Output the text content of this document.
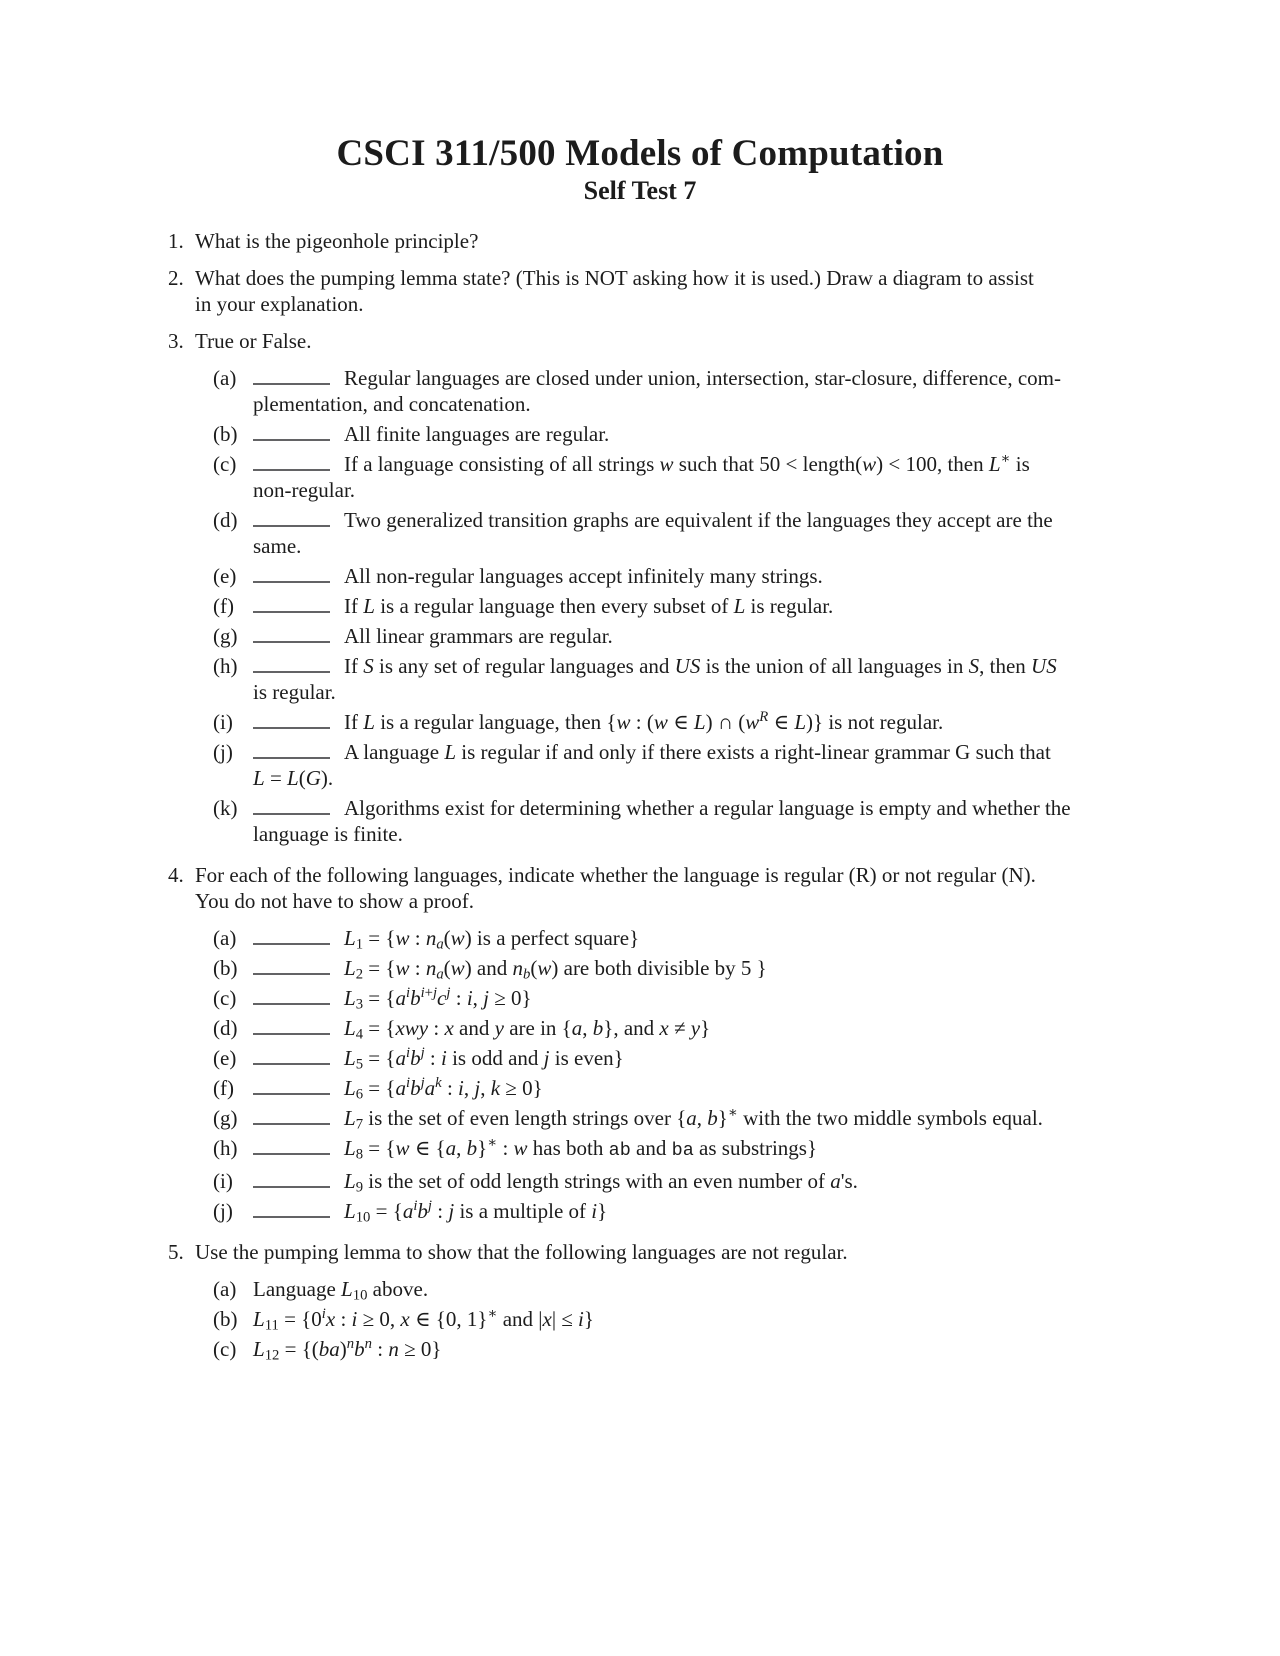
CSCI 311/500 Models of Computation
Self Test 7
1. What is the pigeonhole principle?
2. What does the pumping lemma state? (This is NOT asking how it is used.) Draw a diagram to assist
in your explanation.
3. True or False.
(a)	Regular languages are closed under union, intersection, star-closure, difference, com-
plementation, and concatenation.
(b)	All finite languages are regular.
(c)	If a language consisting of all strings w such that 50 < length(w) < 100, then L∗ is
non-regular.
(d)	Two generalized transition graphs are equivalent if the languages they accept are the
same.
(e)	All non-regular languages accept infinitely many strings.
(f)	If L is a regular language then every subset of L is regular.
(g)	All linear grammars are regular.
(h)	If S is any set of regular languages and US is the union of all languages in S, then US
is regular.
(i)	If L is a regular language, then {w : (w ∈ L) ∩ ($w^R$ ∈ L)} is not regular.
(j)	A language L is regular if and only if there exists a right-linear grammar G such that
L = L(G).
(k)	Algorithms exist for determining whether a regular language is empty and whether the
language is finite.
4. For each of the following languages, indicate whether the language is regular (R) or not regular (N).
You do not have to show a proof.
(a)	$L_1 = \{w$ : $n_a(w)$ is a perfect square}
(b)	$L_2 = \{w$ : $n_a(w)$ and $n_b(w)$ are both divisible by 5 }
(c)	$L_3 = \{a^ib^{i+j}c^j$ : i, j ≥ 0}
(d)	$L_4 = \{xwy$ : x and y are in {a, b}, and x ≠ y}
(e)	$L_5 = \{a^ib^j$ : i is odd and j is even}
(f)	$L_6 = \{a^ib^ja^k$ : i, j, k ≥ 0}
(g)	$L_7$ is the set of even length strings over {a, b}∗ with the two middle symbols equal.
(h)	$L_8 = \{w$ ∈ {a, b}∗ : w has both ab and ba as substrings}
(i)	$L_9$ is the set of odd length strings with an even number of a's.
(j)	$L_{10} = \{a^ib^j$ : j is a multiple of i}
5. Use the pumping lemma to show that the following languages are not regular.
(a) Language $L_{10}$ above.
(b) $L_{11} = \{0^ix$ : i ≥ 0, x ∈ {0, 1}∗ and |x| ≤ i}
(c) $L_{12} = \{(ba)^nb^n$ : n ≥ 0}
